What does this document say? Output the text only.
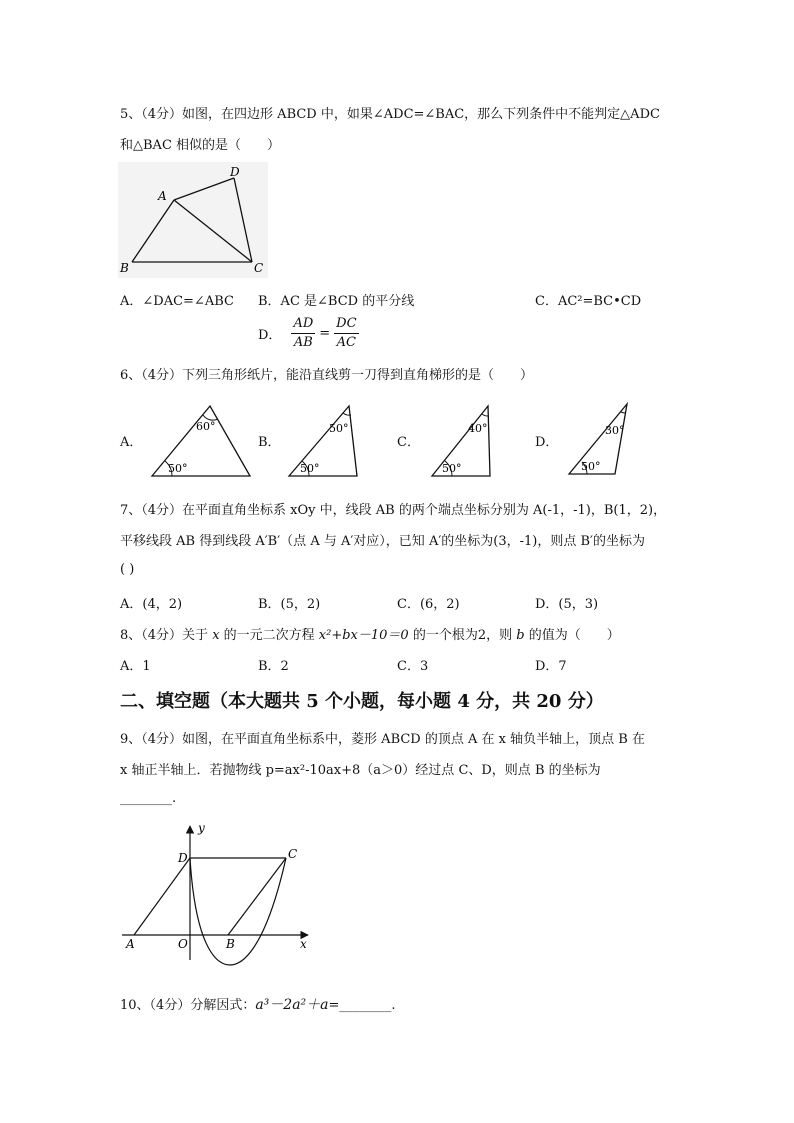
5、（4分）如图，在四边形 ABCD 中，如果∠ADC=∠BAC，那么下列条件中不能判定△ADC
和△BAC 相似的是（　　）
A
B	C
D
A．∠DAC=∠ABC B．AC 是∠BCD 的平分线	C．AC²=BC•CD
D． $\frac{AD}{AB} = \frac{DC}{AC}$
6、（4分）下列三角形纸片，能沿直线剪一刀得到直角梯形的是（　　）
A．
50°
60°
B．
50°
50°
C．
50°
40°
D．
50°
30°
7、（4分）在平面直角坐标系 xOy 中，线段 AB 的两个端点坐标分别为 A(-1，-1)，B(1，2)，
平移线段 AB 得到线段 A′B′（点 A 与 A′对应），已知 A′的坐标为(3，-1)，则点 B′的坐标为
( )
A．(4，2)	B．(5，2)	C．(6，2)	D．(5，3)
8、（4分）关于 x 的一元二次方程 x²+bx－10＝0 的一个根为2，则 b 的值为（　　）
A．1	B．2	C．3	D．7
二、填空题（本大题共 5 个小题，每小题 4 分，共 20 分）
9、（4分）如图，在平面直角坐标系中，菱形 ABCD 的顶点 A 在 x 轴负半轴上，顶点 B 在
x 轴正半轴上．若抛物线 p=ax²-10ax+8（a＞0）经过点 C、D，则点 B 的坐标为
________.
y
x
D	C
A	O	B
10、（4分）分解因式：a³－2a²＋a=________.
